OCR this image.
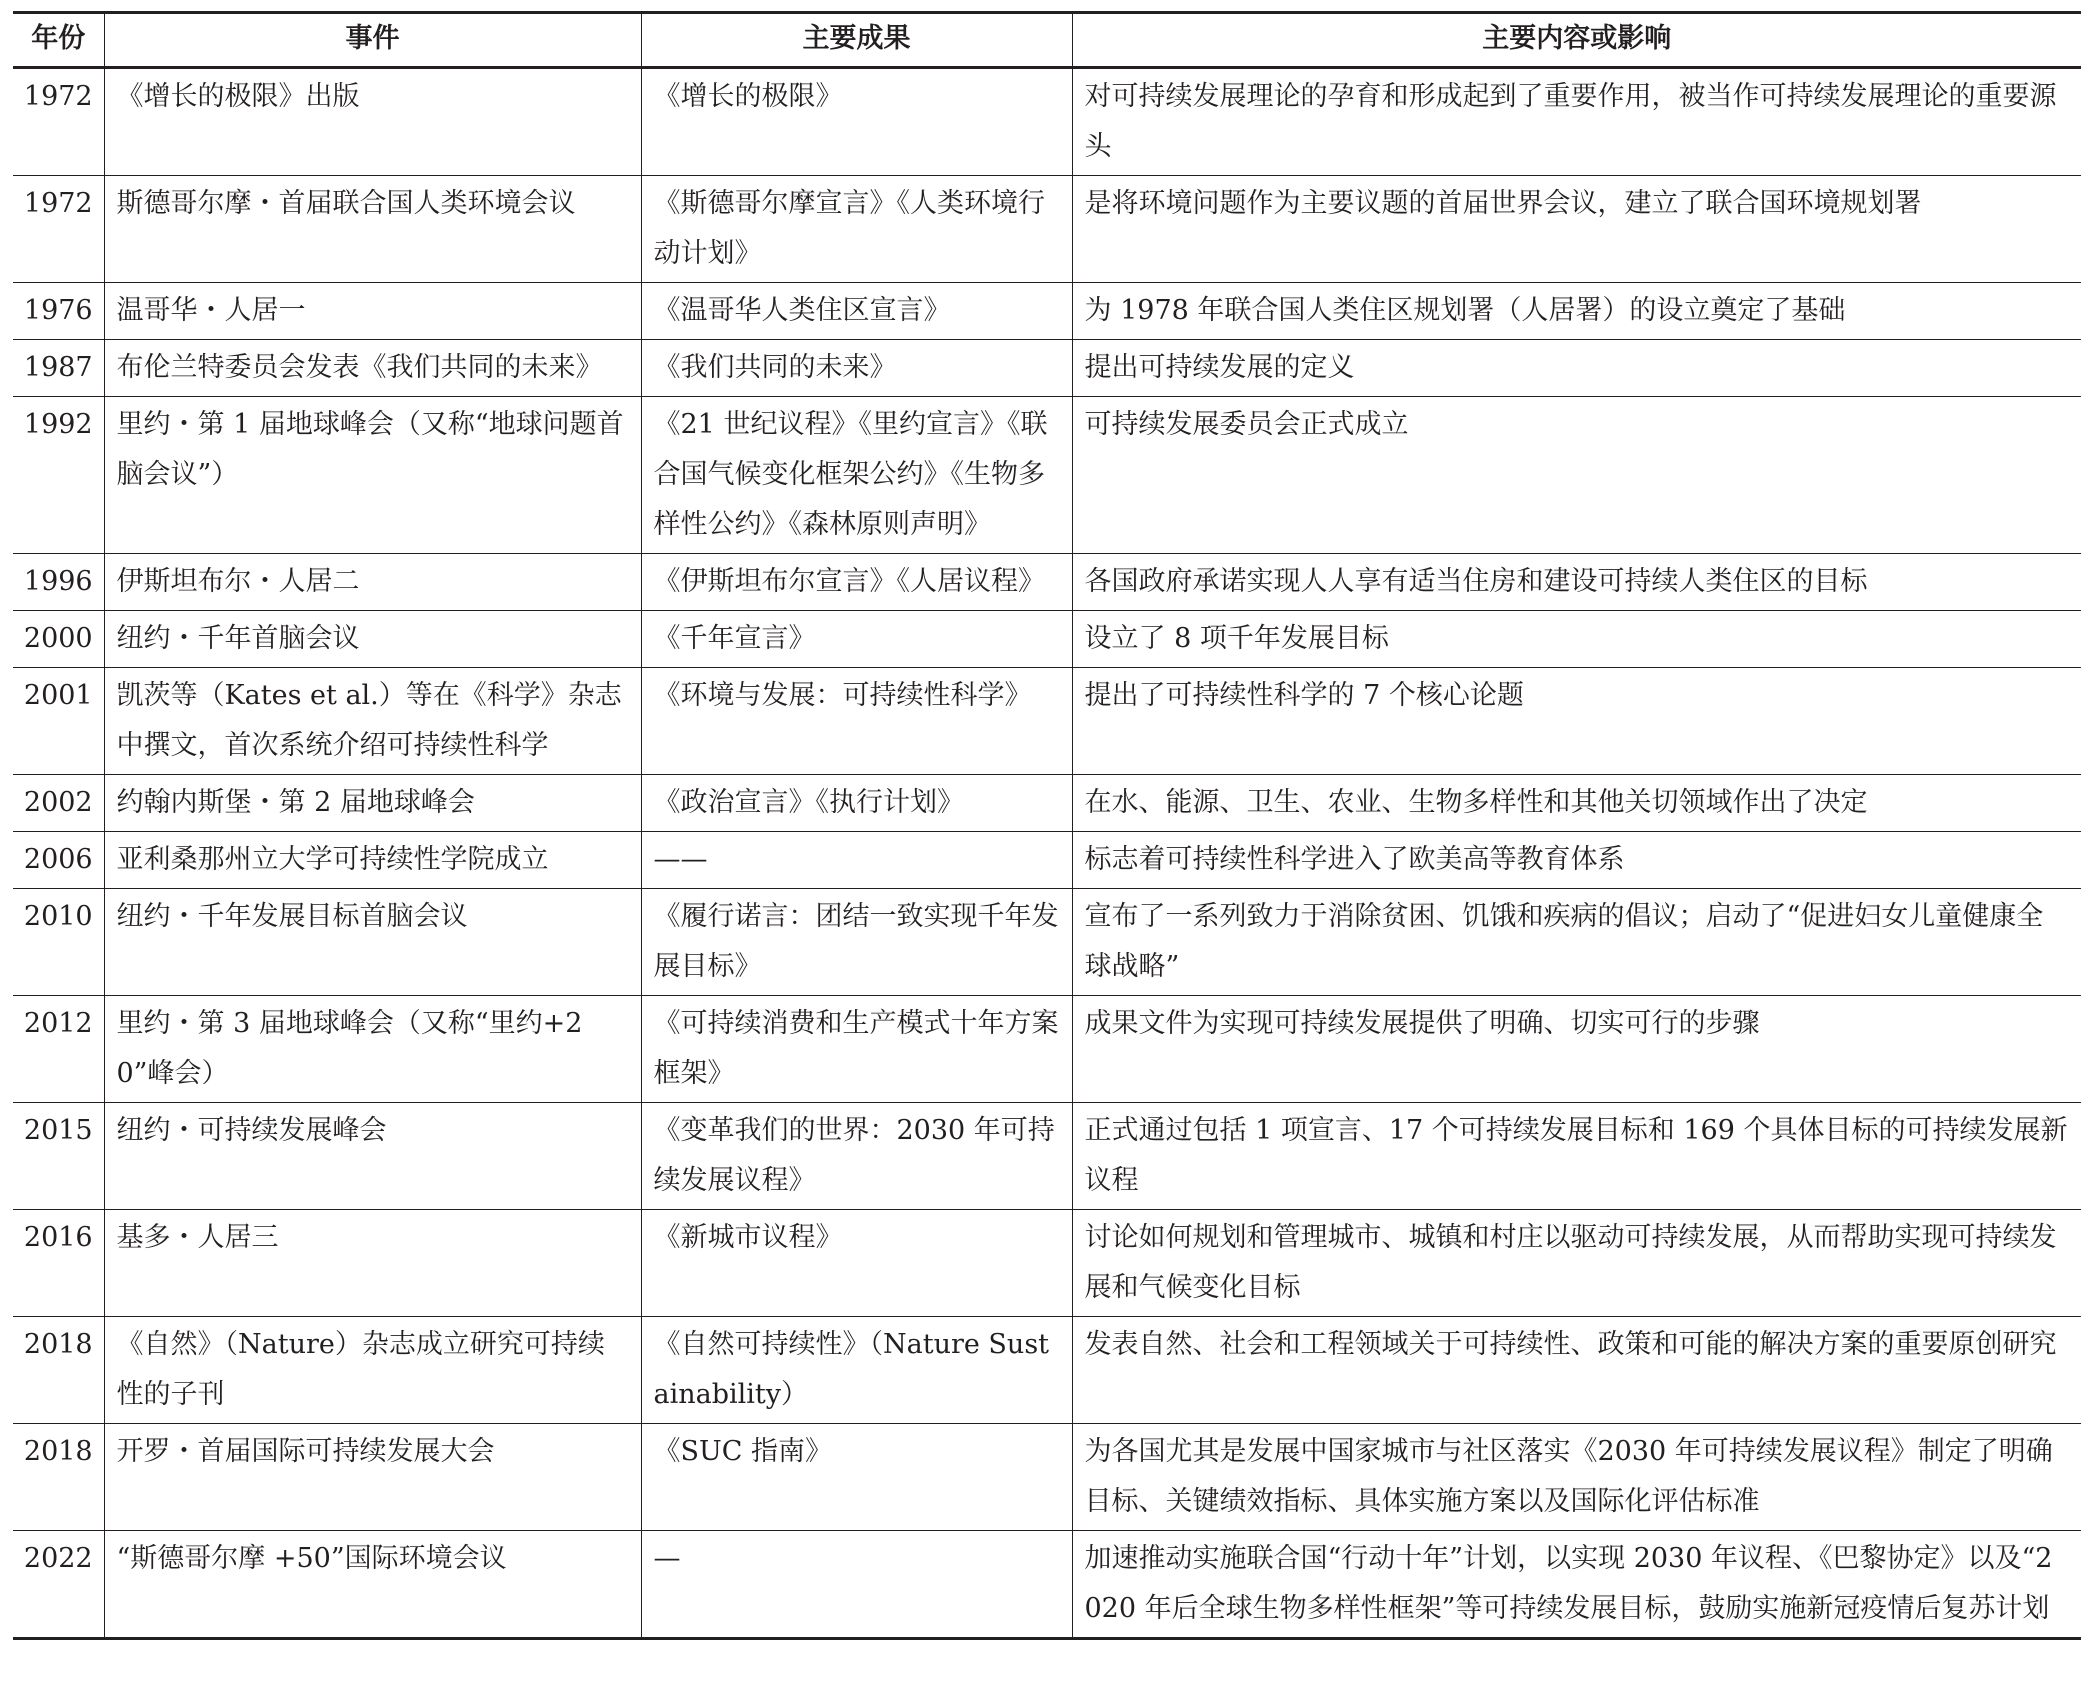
年份	事件	主要成果	主要内容或影响
1972	《增长的极限》出版	《增长的极限》	对可持续发展理论的孕育和形成起到了重要作用，被当作可持续发展理论的重要源头
1972	斯德哥尔摩・首届联合国人类环境会议	《斯德哥尔摩宣言》《人类环境行动计划》	是将环境问题作为主要议题的首届世界会议，建立了联合国环境规划署
1976	温哥华・人居一	《温哥华人类住区宣言》	为 1978 年联合国人类住区规划署（人居署）的设立奠定了基础
1987	布伦兰特委员会发表《我们共同的未来》	《我们共同的未来》	提出可持续发展的定义
1992	里约・第 1 届地球峰会（又称“地球问题首脑会议”）	《21 世纪议程》《里约宣言》《联合国气候变化框架公约》《生物多样性公约》《森林原则声明》	可持续发展委员会正式成立
1996	伊斯坦布尔・人居二	《伊斯坦布尔宣言》《人居议程》	各国政府承诺实现人人享有适当住房和建设可持续人类住区的目标
2000	纽约・千年首脑会议	《千年宣言》	设立了 8 项千年发展目标
2001	凯茨等（Kates et al.）等在《科学》杂志中撰文，首次系统介绍可持续性科学	《环境与发展：可持续性科学》	提出了可持续性科学的 7 个核心论题
2002	约翰内斯堡・第 2 届地球峰会	《政治宣言》《执行计划》	在水、能源、卫生、农业、生物多样性和其他关切领域作出了决定
2006	亚利桑那州立大学可持续性学院成立	——	标志着可持续性科学进入了欧美高等教育体系
2010	纽约・千年发展目标首脑会议	《履行诺言：团结一致实现千年发展目标》	宣布了一系列致力于消除贫困、饥饿和疾病的倡议；启动了“促进妇女儿童健康全球战略”
2012	里约・第 3 届地球峰会（又称“里约+20”峰会）	《可持续消费和生产模式十年方案框架》	成果文件为实现可持续发展提供了明确、切实可行的步骤
2015	纽约・可持续发展峰会	《变革我们的世界：2030 年可持续发展议程》	正式通过包括 1 项宣言、17 个可持续发展目标和 169 个具体目标的可持续发展新议程
2016	基多・人居三	《新城市议程》	讨论如何规划和管理城市、城镇和村庄以驱动可持续发展，从而帮助实现可持续发展和气候变化目标
2018	《自然》（Nature）杂志成立研究可持续性的子刊	《自然可持续性》（Nature Sustainability）	发表自然、社会和工程领域关于可持续性、政策和可能的解决方案的重要原创研究
2018	开罗・首届国际可持续发展大会	《SUC 指南》	为各国尤其是发展中国家城市与社区落实《2030 年可持续发展议程》制定了明确目标、关键绩效指标、具体实施方案以及国际化评估标准
2022	“斯德哥尔摩 +50”国际环境会议	—	加速推动实施联合国“行动十年”计划，以实现 2030 年议程、《巴黎协定》以及“2020 年后全球生物多样性框架”等可持续发展目标，鼓励实施新冠疫情后复苏计划
